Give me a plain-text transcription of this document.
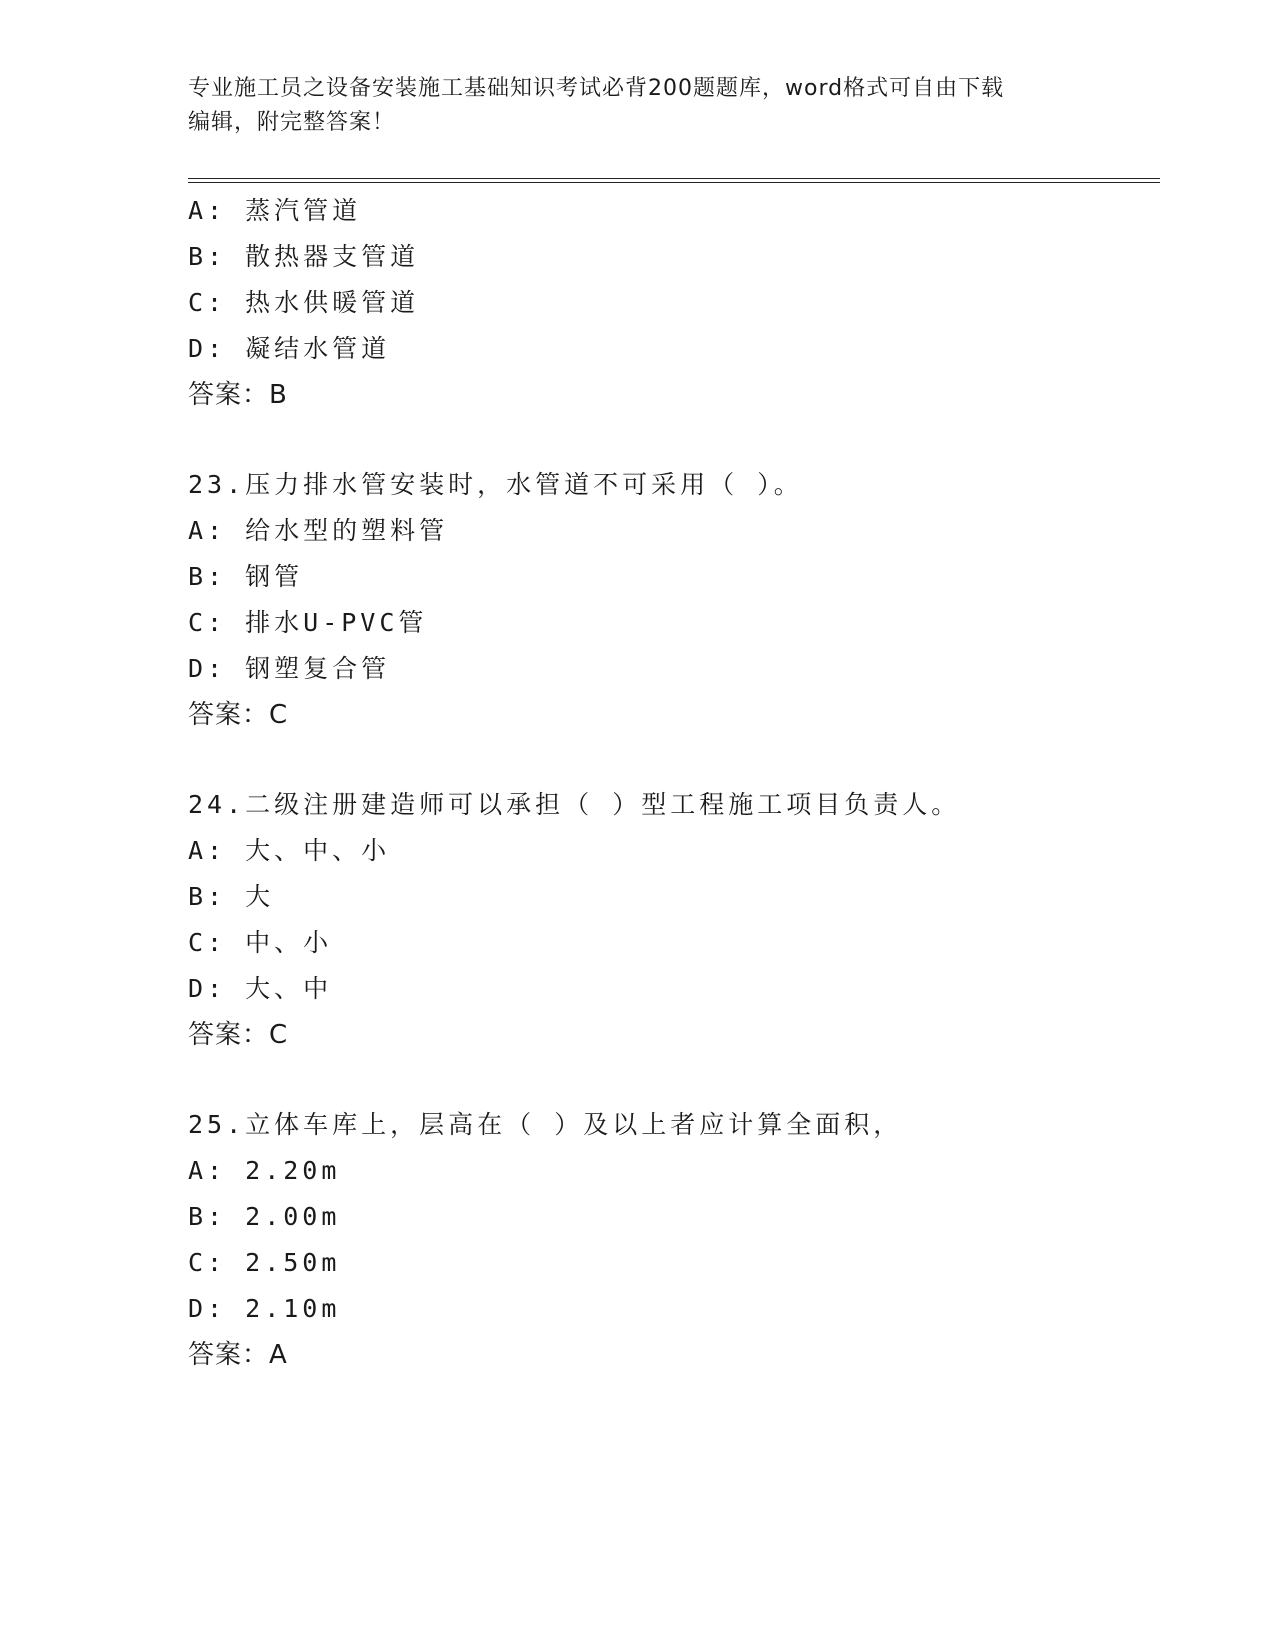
专业施工员之设备安装施工基础知识考试必背200题题库，word格式可自由下载
编辑，附完整答案！
A: 蒸汽管道
B: 散热器支管道
C: 热水供暖管道
D: 凝结水管道
答案：B
23.压力排水管安装时，水管道不可采用（ ）。
A: 给水型的塑料管
B: 钢管
C: 排水U-PVC管
D: 钢塑复合管
答案：C
24.二级注册建造师可以承担（ ）型工程施工项目负责人。
A: 大、中、小
B: 大
C: 中、小
D: 大、中
答案：C
25.立体车库上，层高在（ ）及以上者应计算全面积，
A: 2.20m
B: 2.00m
C: 2.50m
D: 2.10m
答案：A
